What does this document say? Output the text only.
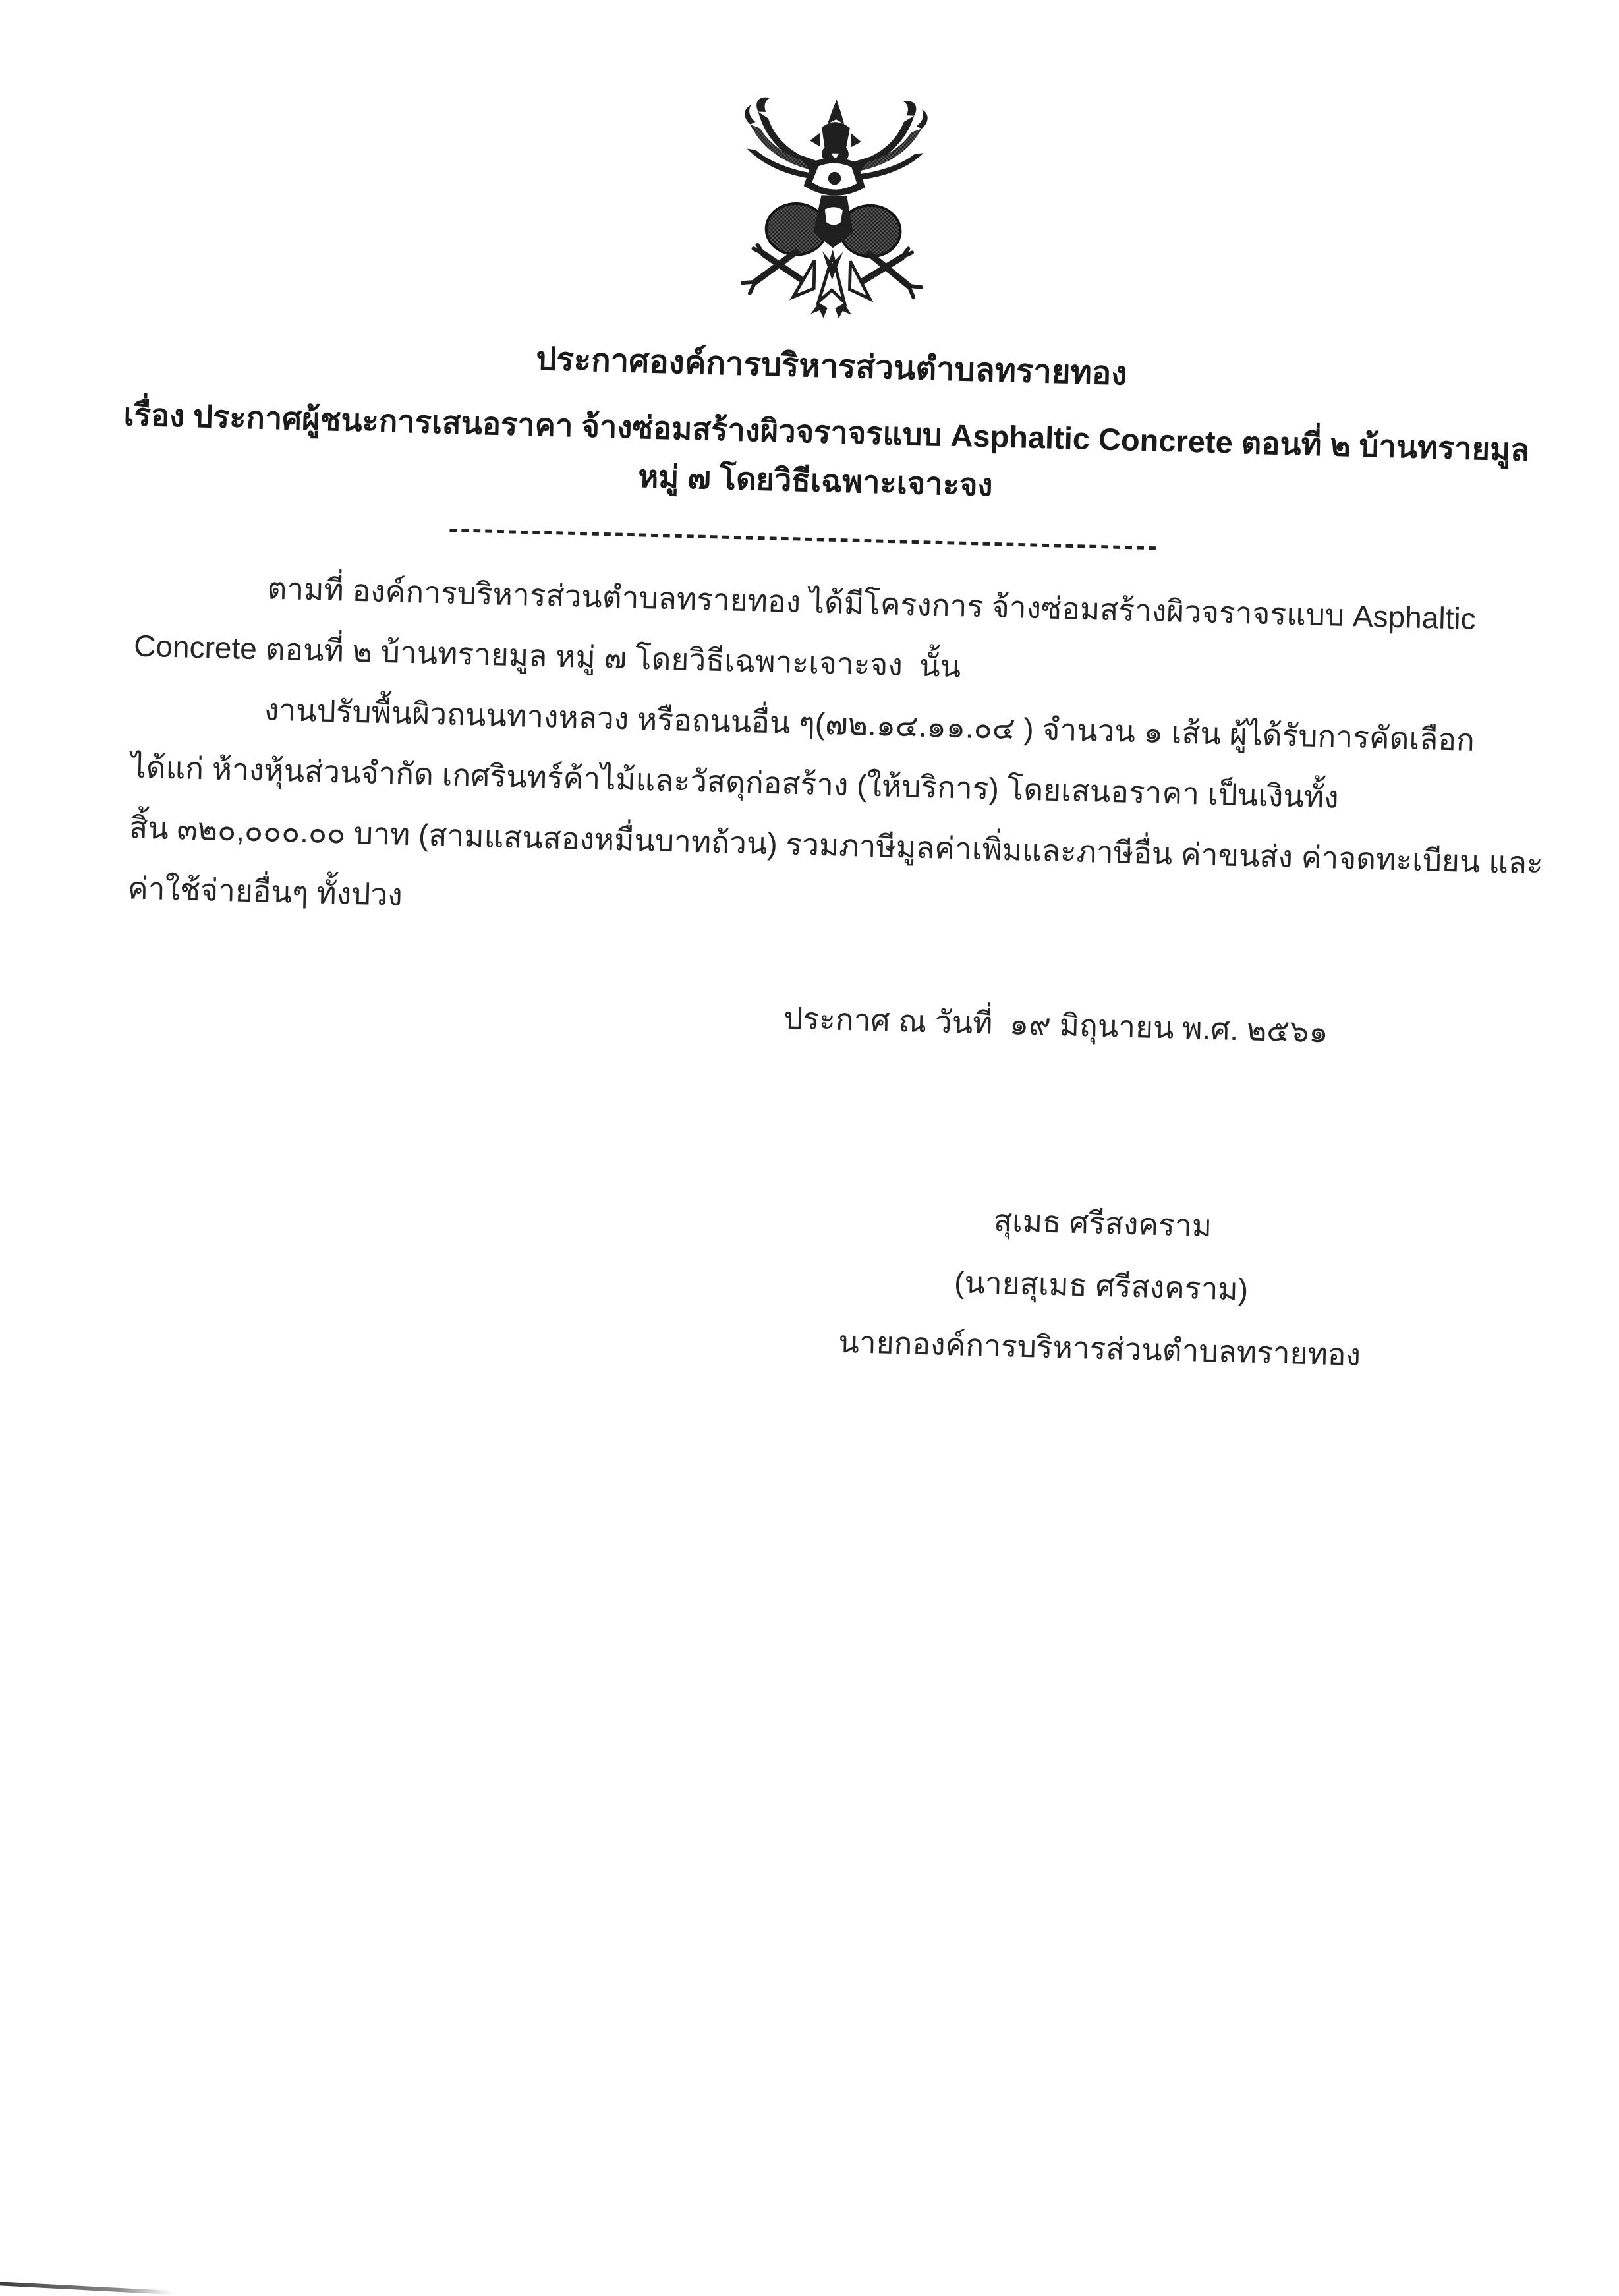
ประกาศองค์การบริหารส่วนตำบลทรายทอง
เรื่อง ประกาศผู้ชนะการเสนอราคา จ้างซ่อมสร้างผิวจราจรแบบ Asphaltic Concrete ตอนที่ ๒ บ้านทรายมูล
หมู่ ๗ โดยวิธีเฉพาะเจาะจง
------------------------------------------------------------

ตามที่ องค์การบริหารส่วนตำบลทรายทอง ได้มีโครงการ จ้างซ่อมสร้างผิวจราจรแบบ Asphaltic

Concrete ตอนที่ ๒ บ้านทรายมูล หมู่ ๗ โดยวิธีเฉพาะเจาะจง  นั้น

งานปรับพื้นผิวถนนทางหลวง หรือถนนอื่น ๆ(๗๒.๑๔.๑๑.๐๔ ) จำนวน ๑ เส้น ผู้ได้รับการคัดเลือก

ได้แก่ ห้างหุ้นส่วนจำกัด เกศรินทร์ค้าไม้และวัสดุก่อสร้าง (ให้บริการ) โดยเสนอราคา เป็นเงินทั้ง

สิ้น ๓๒๐,๐๐๐.๐๐ บาท (สามแสนสองหมื่นบาทถ้วน) รวมภาษีมูลค่าเพิ่มและภาษีอื่น ค่าขนส่ง ค่าจดทะเบียน และ

ค่าใช้จ่ายอื่นๆ ทั้งปวง

ประกาศ ณ วันที่  ๑๙ มิถุนายน พ.ศ. ๒๕๖๑
สุเมธ ศรีสงคราม
(นายสุเมธ ศรีสงคราม)
นายกองค์การบริหารส่วนตำบลทรายทอง
